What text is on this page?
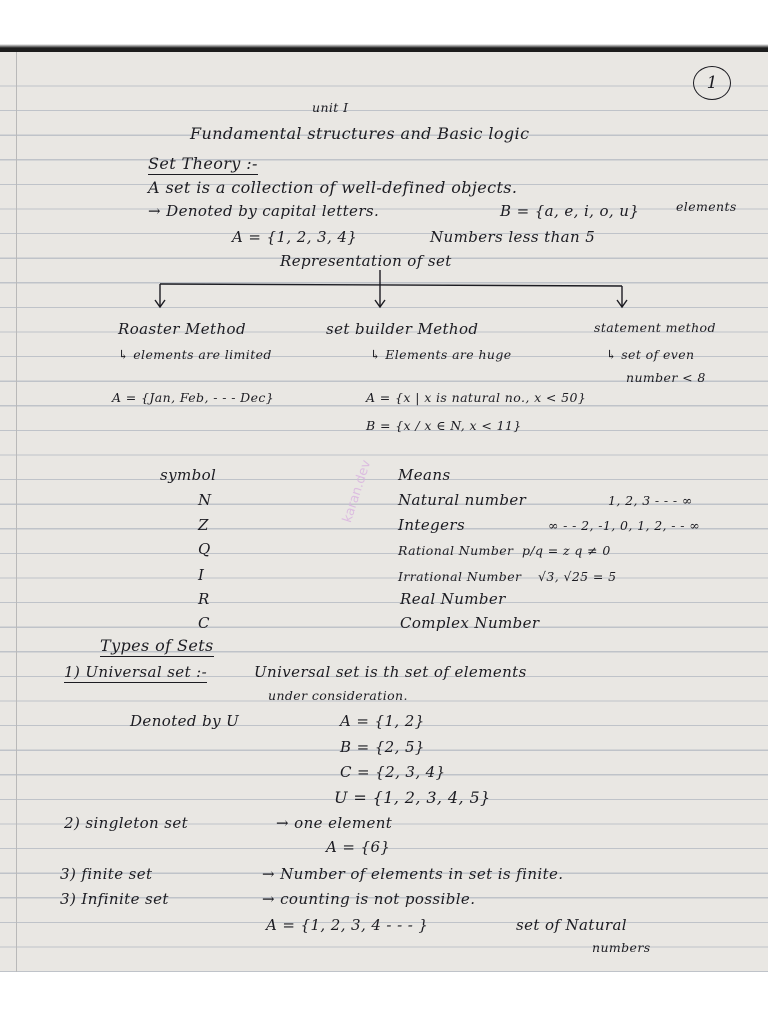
1
karan.dev
unit I
Fundamental structures and Basic logic
Set Theory :-
A set is a collection of well-defined objects.
→ Denoted by capital letters.	B = {a, e, i, o, u}	elements
A = {1, 2, 3, 4}	Numbers less than 5
Representation of set
Roaster Method
↳ elements are limited
A = {Jan, Feb, - - - Dec}
set builder Method
↳ Elements are huge
A = {x | x is natural no., x < 50}
B = {x / x ∈ N, x < 11}
statement method
↳ set of even
number < 8
symbol	Means
N	Natural number	1, 2, 3 - - - ∞
Z	Integers	∞ - - 2, -1, 0, 1, 2, - - ∞
Q	Rational Number p/q = z q ≠ 0
I	Irrational Number √3, √25 = 5
R	Real Number
C	Complex Number
Types of Sets
1) Universal set :-	Universal set is th set of elements
under consideration.
Denoted by U	A = {1, 2}
B = {2, 5}
C = {2, 3, 4}
U = {1, 2, 3, 4, 5}
2) singleton set	→ one element
A = {6}
3) finite set	→ Number of elements in set is finite.
3) Infinite set	→ counting is not possible.
A = {1, 2, 3, 4 - - - }	set of Natural
numbers
